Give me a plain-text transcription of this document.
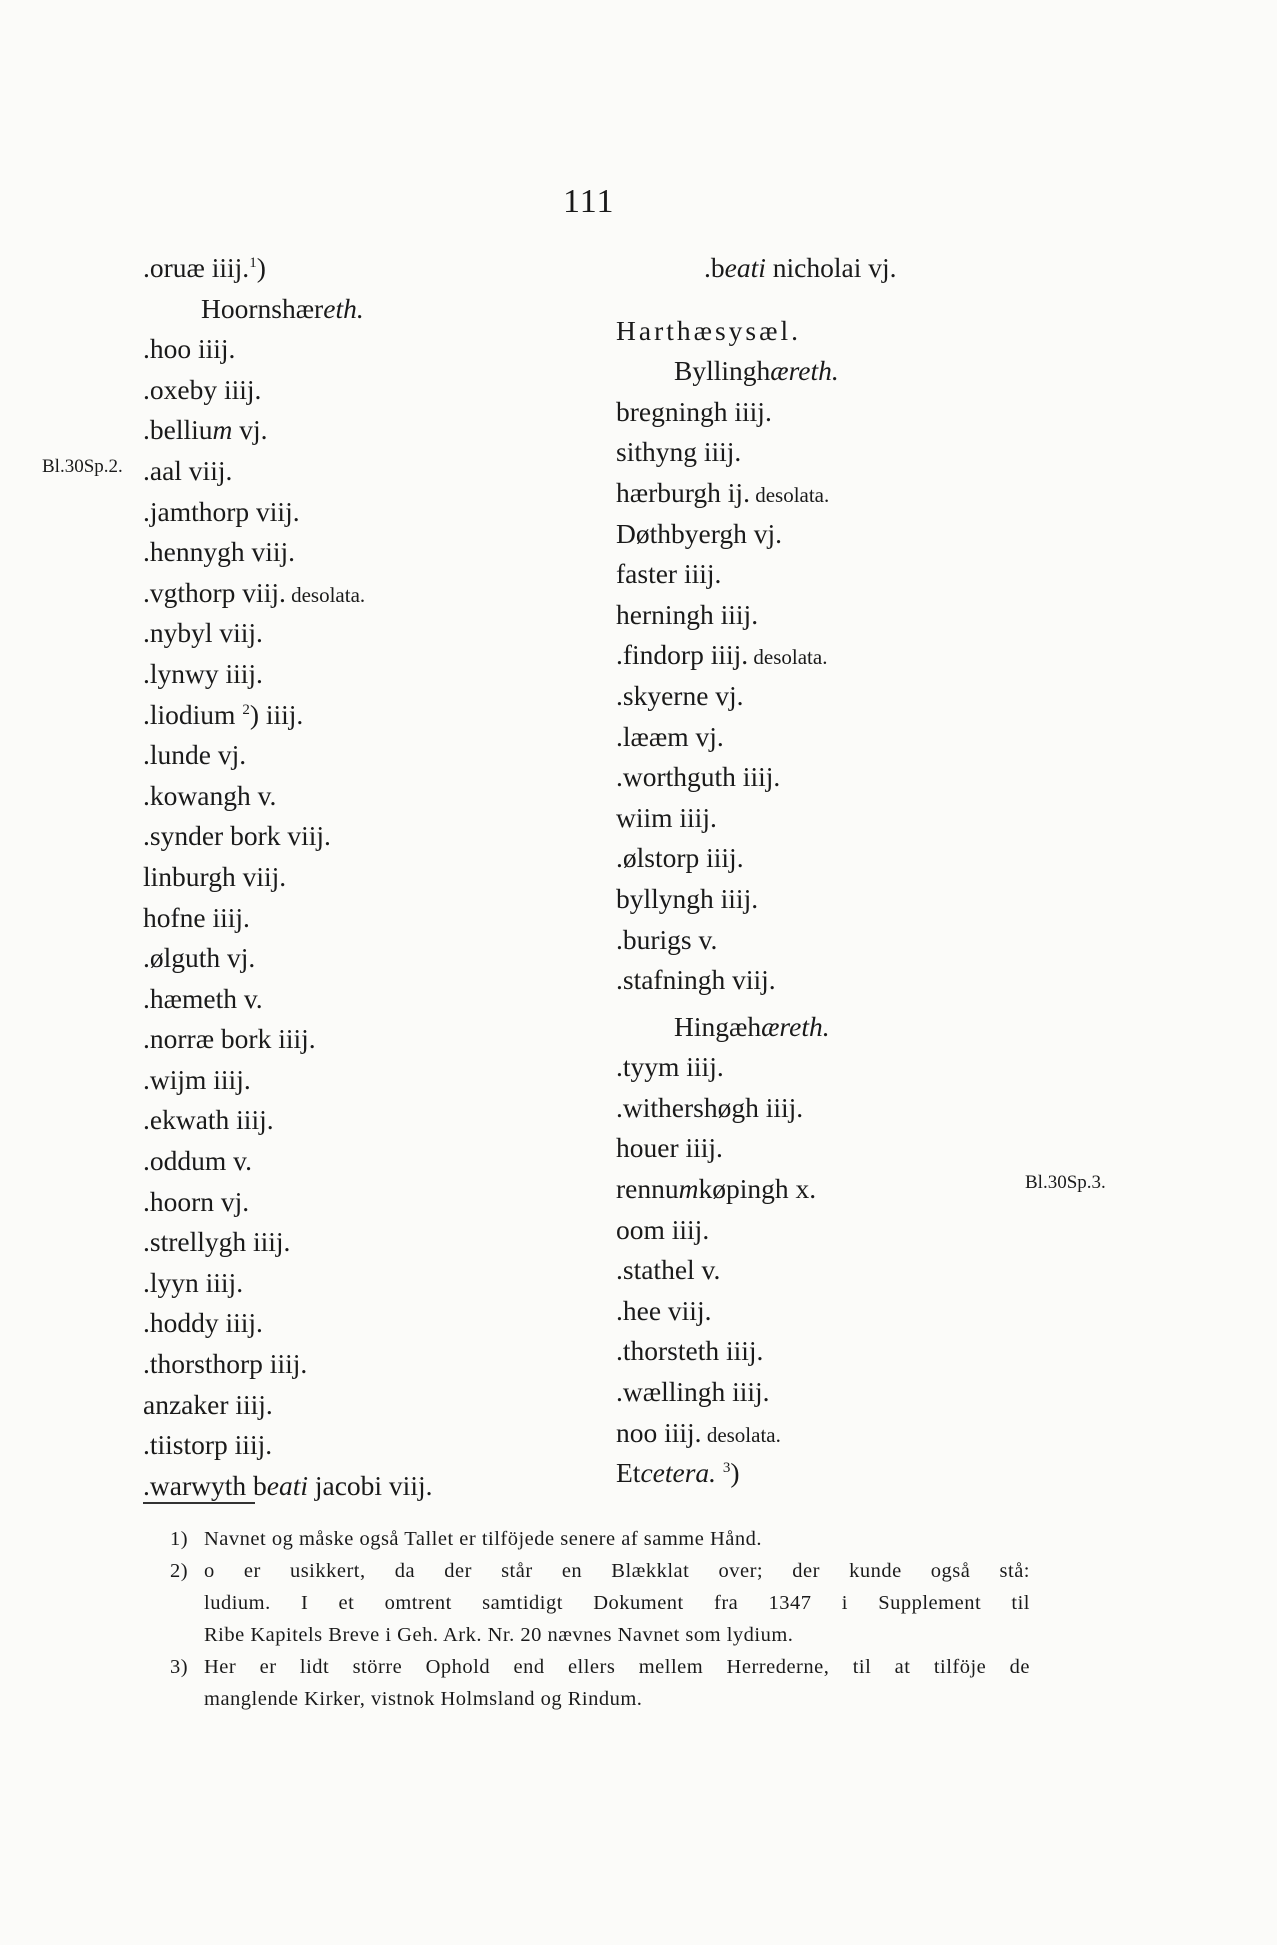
111
Bl.30Sp.2.
Bl.30Sp.3.
.oruæ iiij.$^1$)
Hoornshæreth.
.hoo iiij.
.oxeby iiij.
.bellium vj.
.aal viij.
.jamthorp viij.
.hennygh viij.
.vgthorp viij. desolata.
.nybyl viij.
.lynwy iiij.
.liodium $^2$) iiij.
.lunde vj.
.kowangh v.
.synder bork viij.
linburgh viij.
hofne iiij.
.ølguth vj.
.hæmeth v.
.norræ bork iiij.
.wijm iiij.
.ekwath iiij.
.oddum v.
.hoorn vj.
.strellygh iiij.
.lyyn iiij.
.hoddy iiij.
.thorsthorp iiij.
anzaker iiij.
.tiistorp iiij.
.warwyth beati jacobi viij.
.beati nicholai vj.
Harthæsysæl.
Byllinghæreth.
bregningh iiij.
sithyng iiij.
hærburgh ij. desolata.
Døthbyergh vj.
faster iiij.
herningh iiij.
.findorp iiij. desolata.
.skyerne vj.
.lææm vj.
.worthguth iiij.
wiim iiij.
.ølstorp iiij.
byllyngh iiij.
.burigs v.
.stafningh viij.
Hingæhæreth.
.tyym iiij.
.withershøgh iiij.
houer iiij.
rennumkøpingh x.
oom iiij.
.stathel v.
.hee viij.
.thorsteth iiij.
.wællingh iiij.
noo iiij. desolata.
Etcetera. $^3$)
1) Navnet og måske også Tallet er tilföjede senere af samme Hånd.
2) o er usikkert, da der står en Blækklat over; der kunde også stå:
ludium. I et omtrent samtidigt Dokument fra 1347 i Supplement til
Ribe Kapitels Breve i Geh. Ark. Nr. 20 nævnes Navnet som lydium.
3) Her er lidt större Ophold end ellers mellem Herrederne, til at tilföje de
manglende Kirker, vistnok Holmsland og Rindum.
